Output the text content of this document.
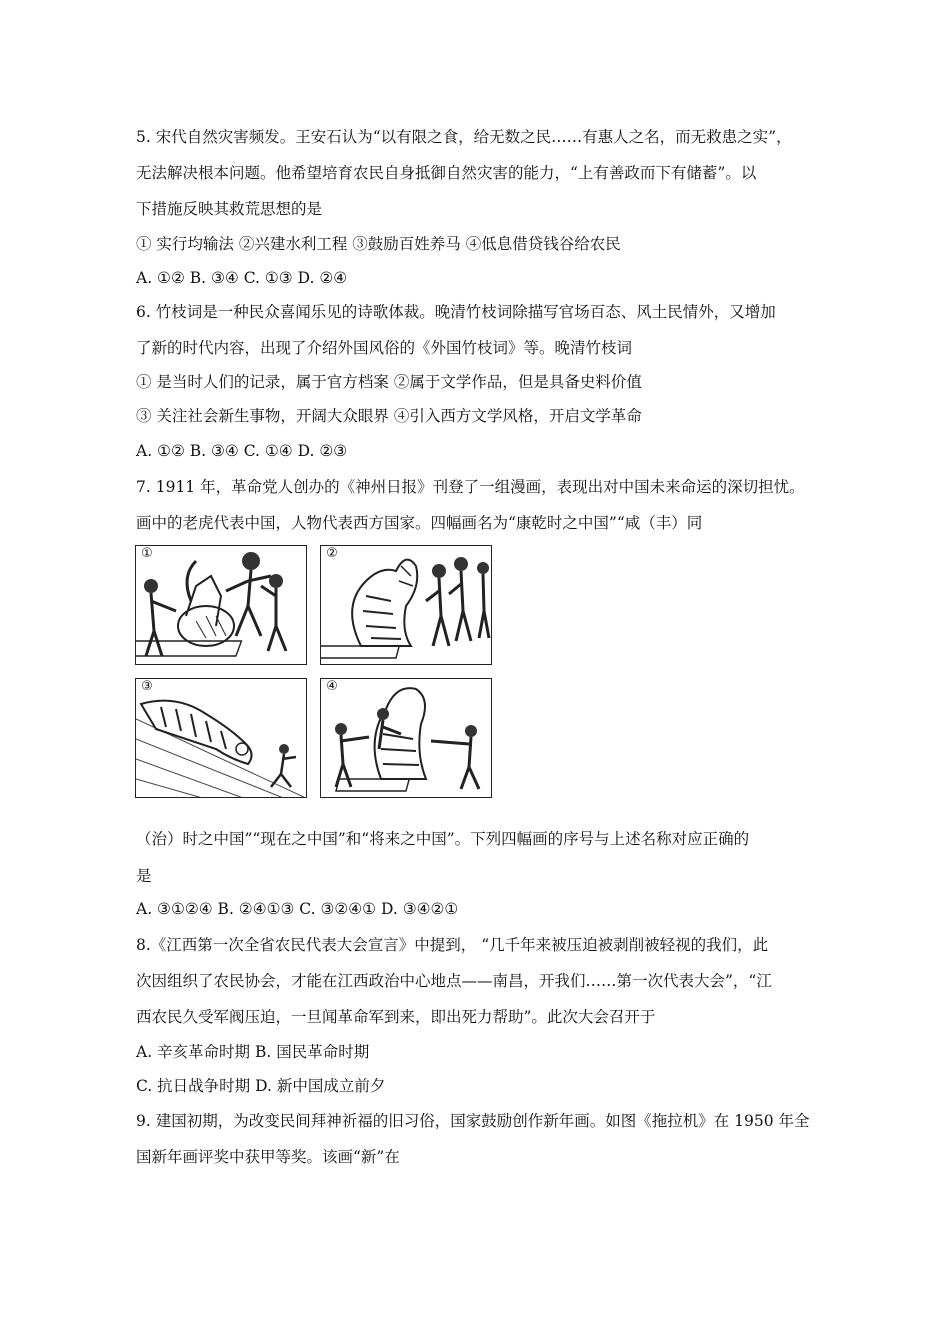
5. 宋代自然灾害频发。王安石认为“以有限之食，给无数之民……有惠人之名，而无救患之实”，
无法解决根本问题。他希望培育农民自身抵御自然灾害的能力，“上有善政而下有储蓄”。以
下措施反映其救荒思想的是
① 实行均输法 ②兴建水利工程 ③鼓励百姓养马 ④低息借贷钱谷给农民
A. ①② B. ③④ C. ①③ D. ②④
6. 竹枝词是一种民众喜闻乐见的诗歌体裁。晚清竹枝词除描写官场百态、风土民情外，又增加
了新的时代内容，出现了介绍外国风俗的《外国竹枝词》等。晚清竹枝词
① 是当时人们的记录，属于官方档案 ②属于文学作品，但是具备史料价值
③ 关注社会新生事物，开阔大众眼界 ④引入西方文学风格，开启文学革命
A. ①② B. ③④ C. ①④ D. ②③
7. 1911 年，革命党人创办的《神州日报》刊登了一组漫画，表现出对中国未来命运的深切担忧。
画中的老虎代表中国，人物代表西方国家。四幅画名为“康乾时之中国”“咸（丰）同
①	②
③	④
（治）时之中国”“现在之中国”和“将来之中国”。下列四幅画的序号与上述名称对应正确的
是
A. ③①②④ B. ②④①③ C. ③②④① D. ③④②①
8.《江西第一次全省农民代表大会宣言》中提到， “几千年来被压迫被剥削被轻视的我们，此
次因组织了农民协会，才能在江西政治中心地点——南昌，开我们……第一次代表大会”，“江
西农民久受军阀压迫，一旦闻革命军到来，即出死力帮助”。此次大会召开于
A. 辛亥革命时期 B. 国民革命时期
C. 抗日战争时期 D. 新中国成立前夕
9. 建国初期，为改变民间拜神祈福的旧习俗，国家鼓励创作新年画。如图《拖拉机》在 1950 年全
国新年画评奖中获甲等奖。该画“新”在
